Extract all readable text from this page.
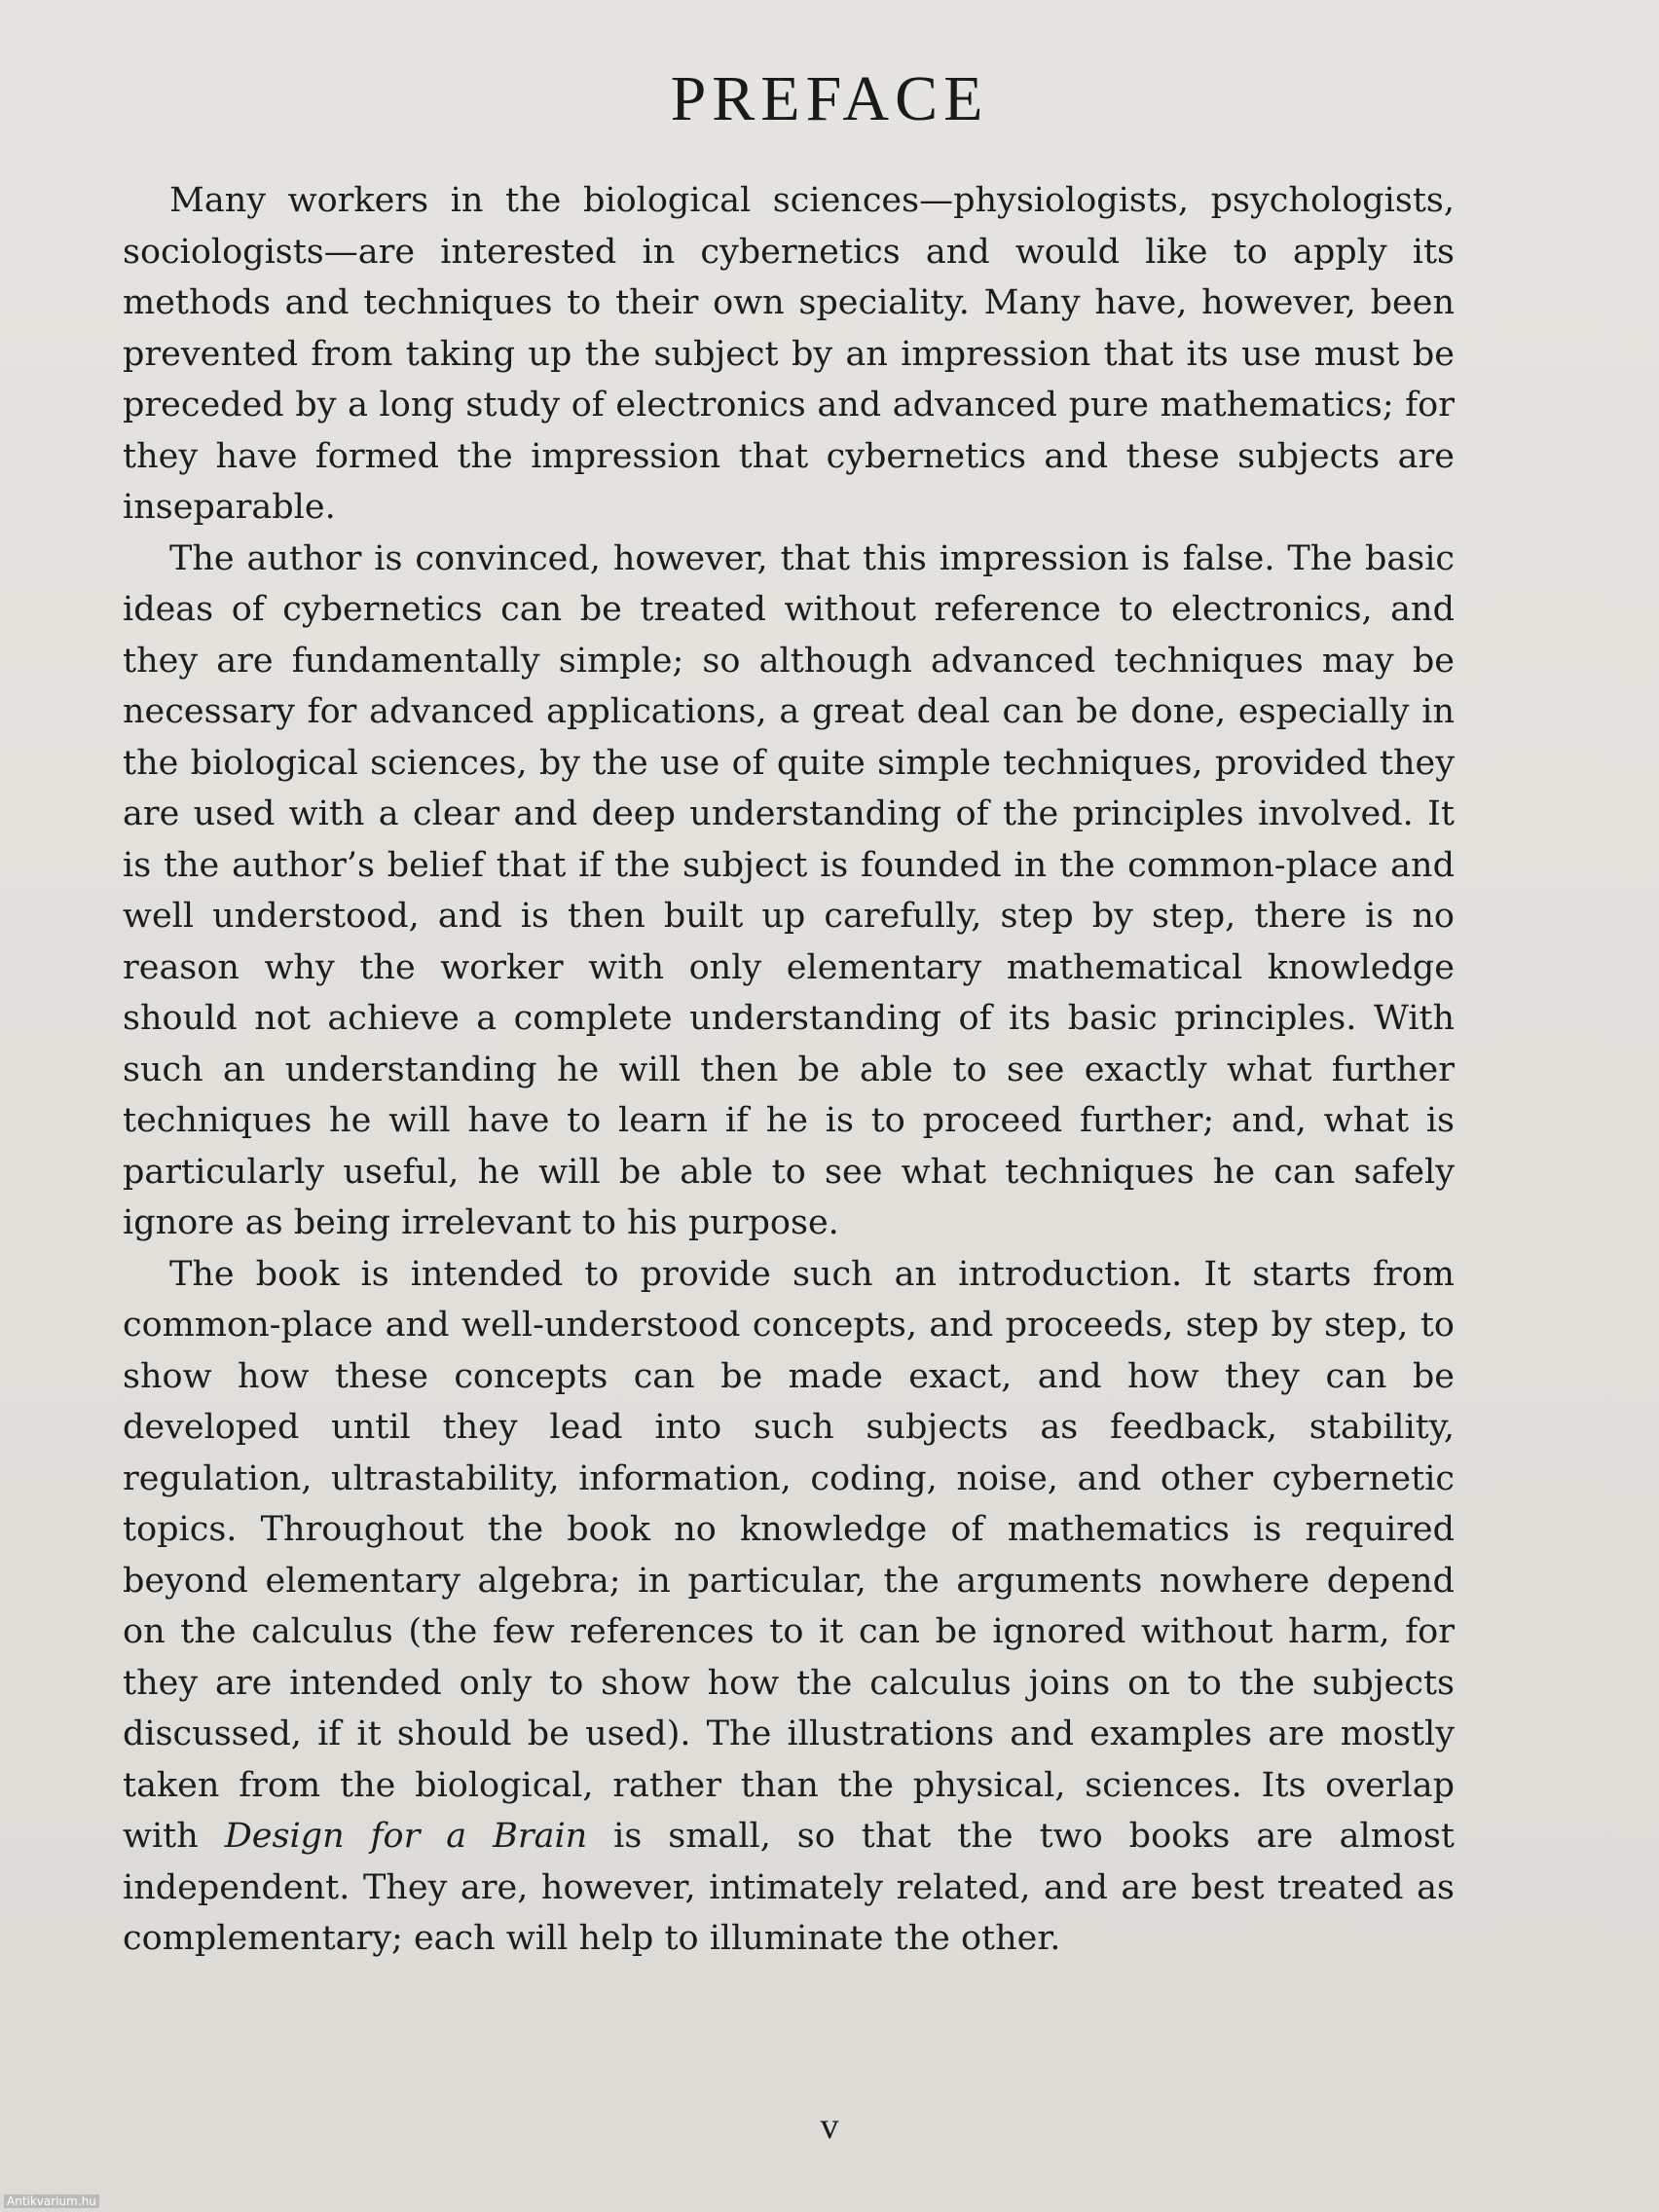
PREFACE

Many workers in the biological sciences—physiologists, psychologists, sociologists—are interested in cybernetics and would like to apply its methods and techniques to their own speciality. Many have, however, been prevented from taking up the subject by an impression that its use must be preceded by a long study of electronics and advanced pure mathematics; for they have formed the impression that cybernetics and these subjects are inseparable.

The author is convinced, however, that this impression is false. The basic ideas of cybernetics can be treated without reference to electronics, and they are fundamentally simple; so although advanced techniques may be necessary for advanced applications, a great deal can be done, especially in the biological sciences, by the use of quite simple techniques, provided they are used with a clear and deep understanding of the principles involved. It is the author’s belief that if the subject is founded in the common-place and well understood, and is then built up carefully, step by step, there is no reason why the worker with only elementary mathematical knowledge should not achieve a complete understanding of its basic principles. With such an understanding he will then be able to see exactly what further techniques he will have to learn if he is to proceed further; and, what is particularly useful, he will be able to see what techniques he can safely ignore as being irrelevant to his purpose.

The book is intended to provide such an introduction. It starts from common-place and well-understood concepts, and proceeds, step by step, to show how these concepts can be made exact, and how they can be developed until they lead into such subjects as feedback, stability, regulation, ultrastability, information, coding, noise, and other cybernetic topics. Throughout the book no knowledge of mathematics is required beyond elementary algebra; in particular, the arguments nowhere depend on the calculus (the few references to it can be ignored without harm, for they are intended only to show how the calculus joins on to the subjects discussed, if it should be used). The illustrations and examples are mostly taken from the biological, rather than the physical, sciences. Its overlap with Design for a Brain is small, so that the two books are almost independent. They are, however, intimately related, and are best treated as complementary; each will help to illuminate the other.

v
Antikvarium.hu
